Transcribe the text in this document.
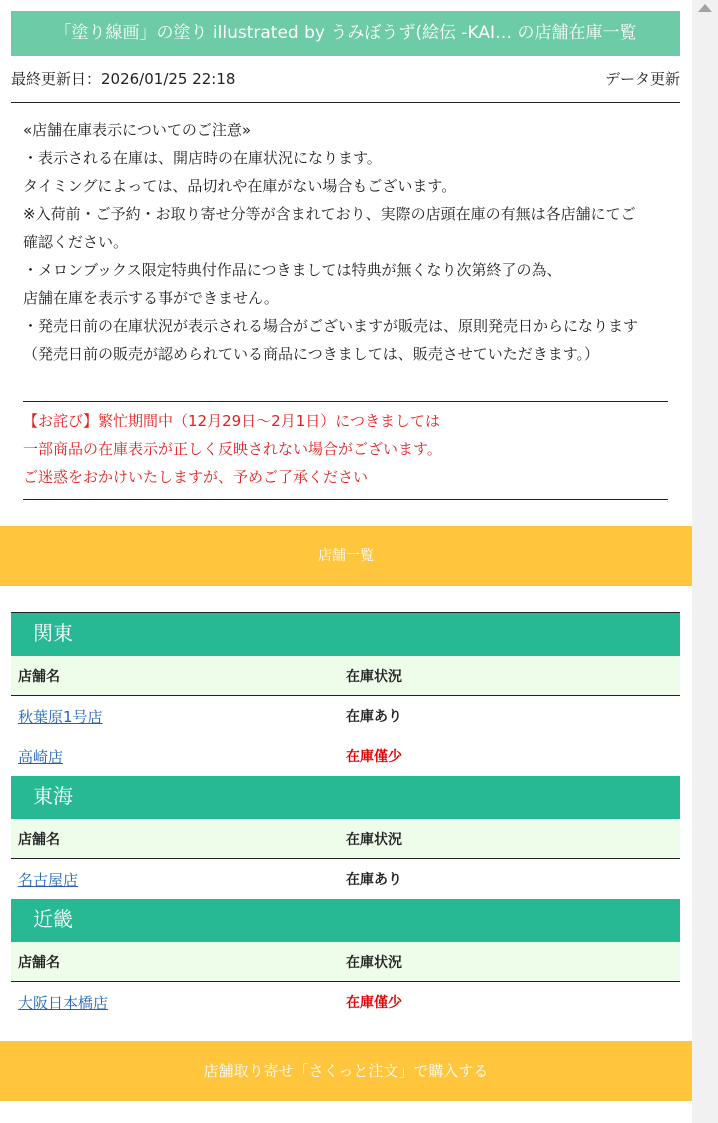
「塗り線画」の塗り illustrated by うみぼうず(絵伝 -KAI… の店舗在庫一覧
最終更新日：2026/01/25 22:18	データ更新
«店舗在庫表示についてのご注意»
・表示される在庫は、開店時の在庫状況になります。
タイミングによっては、品切れや在庫がない場合もございます。
※入荷前・ご予約・お取り寄せ分等が含まれており、実際の店頭在庫の有無は各店舗にてご
確認ください。
・メロンブックス限定特典付作品につきましては特典が無くなり次第終了の為、
店舗在庫を表示する事ができません。
・発売日前の在庫状況が表示される場合がございますが販売は、原則発売日からになります
（発売日前の販売が認められている商品につきましては、販売させていただきます。）
【お詫び】繁忙期間中（12月29日～2月1日）につきましては
一部商品の在庫表示が正しく反映されない場合がございます。
ご迷惑をおかけいたしますが、予めご了承ください
店舗一覧
関東
店舗名	在庫状況
秋葉原1号店	在庫あり
高崎店	在庫僅少
東海
店舗名	在庫状況
名古屋店	在庫あり
近畿
店舗名	在庫状況
大阪日本橋店	在庫僅少
店舗取り寄せ「さくっと注文」で購入する
